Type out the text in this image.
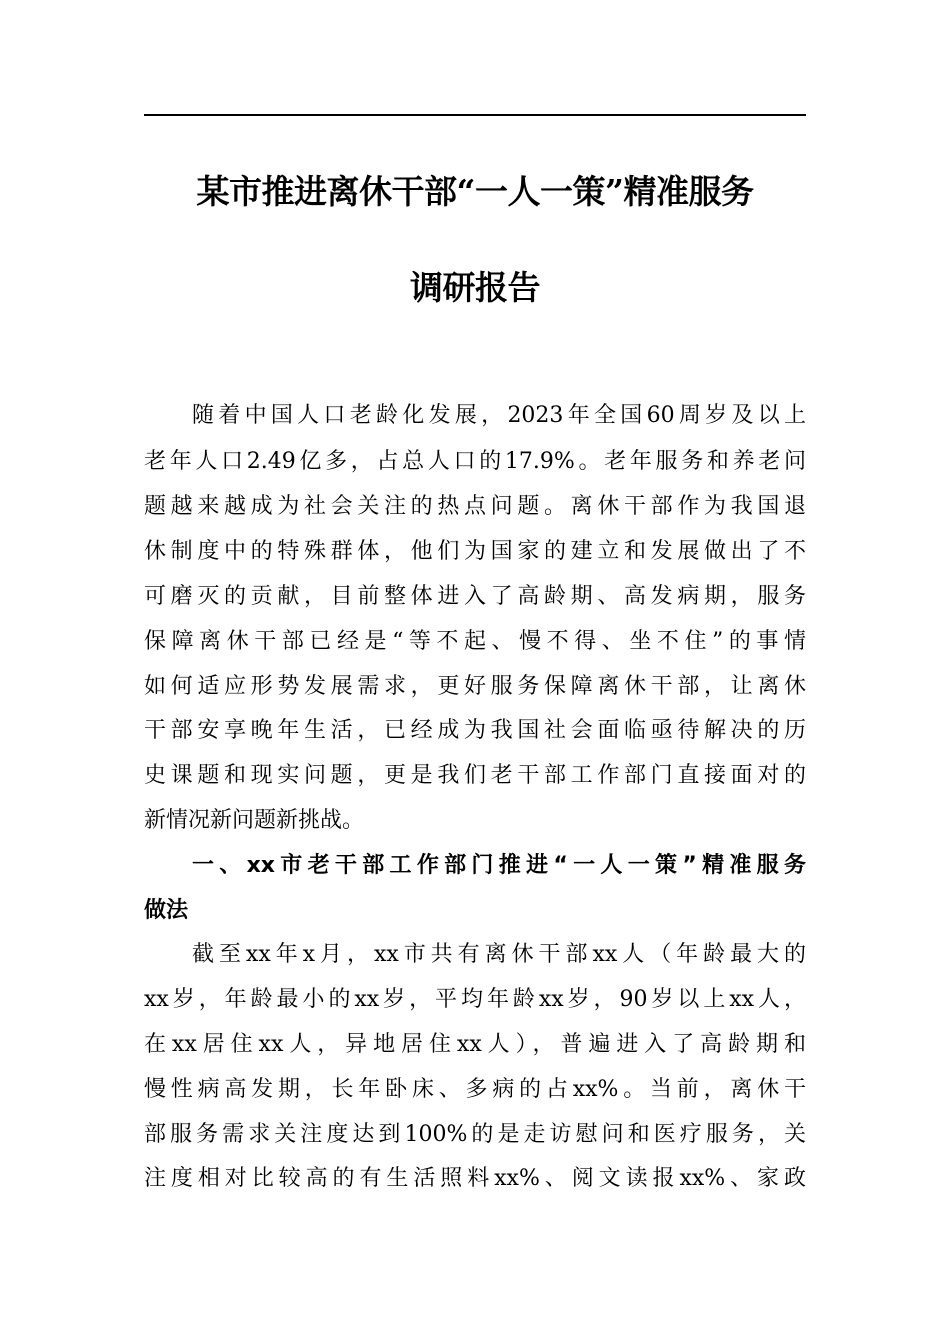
某市推进离休干部“一人一策”精准服务
调研报告
随着中国人口老龄化发展，2023年全国60周岁及以上
老年人口2.49亿多，占总人口的17.9%。老年服务和养老问
题越来越成为社会关注的热点问题。离休干部作为我国退
休制度中的特殊群体，他们为国家的建立和发展做出了不
可磨灭的贡献，目前整体进入了高龄期、高发病期，服务
保障离休干部已经是“等不起、慢不得、坐不住”的事情
如何适应形势发展需求，更好服务保障离休干部，让离休
干部安享晚年生活，已经成为我国社会面临亟待解决的历
史课题和现实问题，更是我们老干部工作部门直接面对的
新情况新问题新挑战。
一、xx市老干部工作部门推进“一人一策”精准服务
做法
截至xx年x月，xx市共有离休干部xx人（年龄最大的
xx岁，年龄最小的xx岁，平均年龄xx岁，90岁以上xx人，
在xx居住xx人，异地居住xx人），普遍进入了高龄期和
慢性病高发期，长年卧床、多病的占xx%。当前，离休干
部服务需求关注度达到100%的是走访慰问和医疗服务，关
注度相对比较高的有生活照料xx%、阅文读报xx%、家政
